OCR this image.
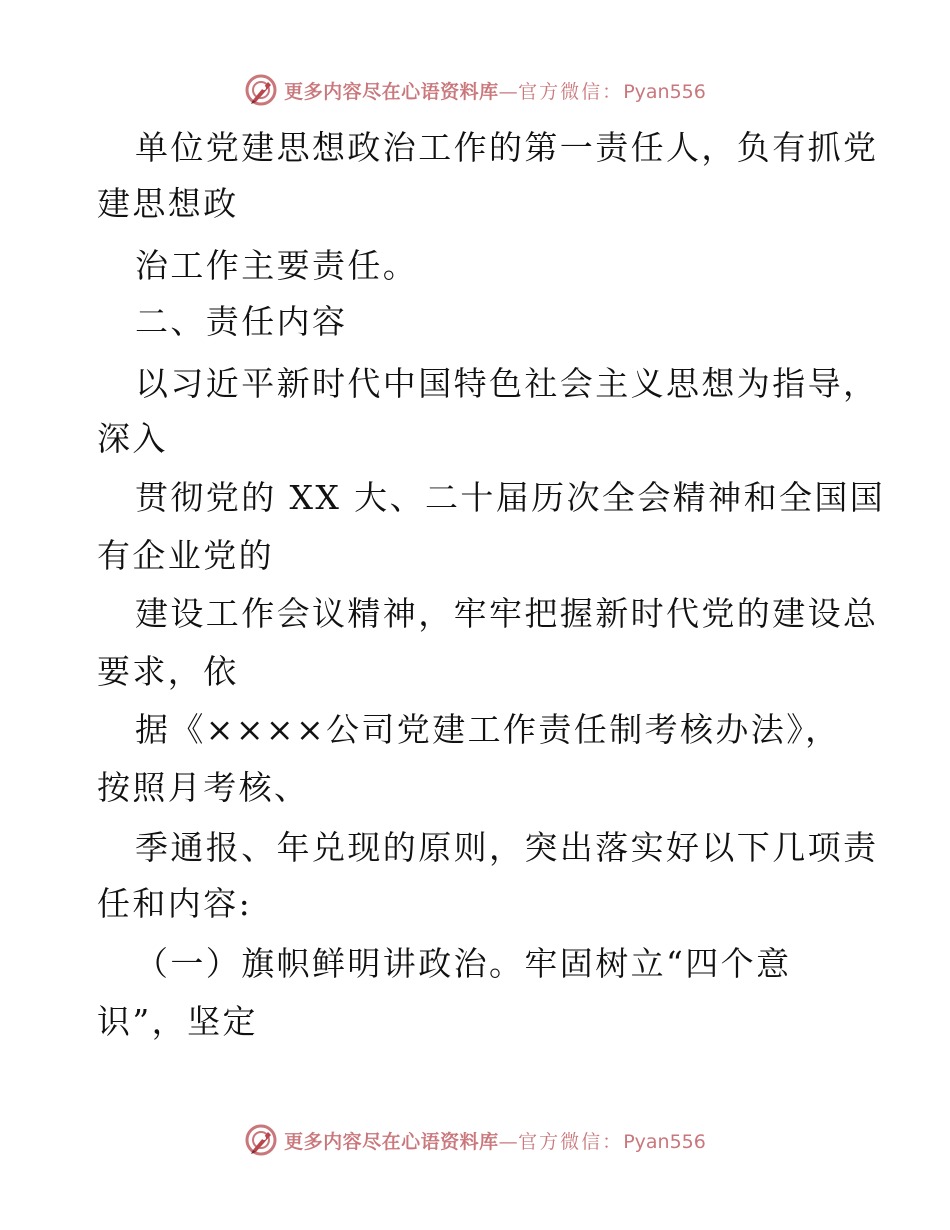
更多内容尽在心语资料库—官方微信：Pyan556
单位党建思想政治工作的第一责任人，负有抓党
建思想政
治工作主要责任。
二、责任内容
以习近平新时代中国特色社会主义思想为指导，
深入
贯彻党的 XX 大、二十届历次全会精神和全国国
有企业党的
建设工作会议精神，牢牢把握新时代党的建设总
要求，依
据《××××公司党建工作责任制考核办法》，
按照月考核、
季通报、年兑现的原则，突出落实好以下几项责
任和内容:
（一）旗帜鲜明讲政治。牢固树立“四个意
识”，坚定
更多内容尽在心语资料库—官方微信：Pyan556
